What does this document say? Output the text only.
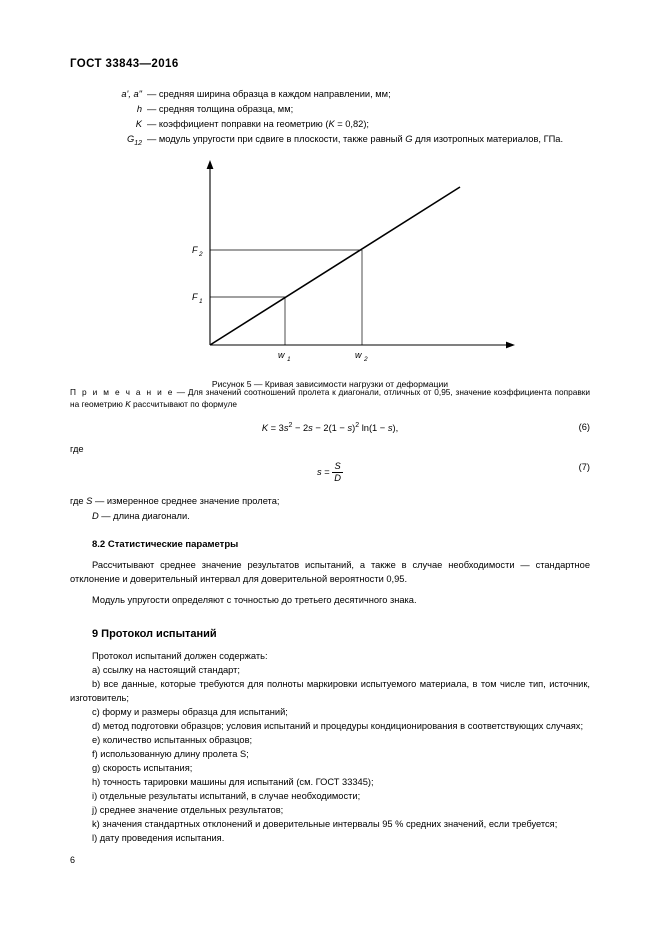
ГОСТ 33843—2016
a', a" — средняя ширина образца в каждом направлении, мм;
h — средняя толщина образца, мм;
K — коэффициент поправки на геометрию (K = 0,82);
$G_{12}$ — модуль упругости при сдвиге в плоскости, также равный G для изотропных материалов, ГПа.
F 2
F 1
w 1	w 2
Рисунок 5 — Кривая зависимости нагрузки от деформации
П р и м е ч а н и е — Для значений соотношений пролета к диагонали, отличных от 0,95, значение коэффициента поправки на геометрию K рассчитывают по формуле
$K = 3s^2 - 2s - 2(1 - s)^2$ ln(1 − s),	(6)
где
$s = \frac{S}{D}$	(7)
где S — измеренное среднее значение пролета;
D — длина диагонали.
8.2 Статистические параметры
Рассчитывают среднее значение результатов испытаний, а также в случае необходимости — стандартное отклонение и доверительный интервал для доверительной вероятности 0,95.
Модуль упругости определяют с точностью до третьего десятичного знака.
9 Протокол испытаний
Протокол испытаний должен содержать:
a) ссылку на настоящий стандарт;
b) все данные, которые требуются для полноты маркировки испытуемого материала, в том числе тип, источник, изготовитель;
c) форму и размеры образца для испытаний;
d) метод подготовки образцов; условия испытаний и процедуры кондиционирования в соответствующих случаях;
e) количество испытанных образцов;
f) использованную длину пролета S;
g) скорость испытания;
h) точность тарировки машины для испытаний (см. ГОСТ 33345);
i) отдельные результаты испытаний, в случае необходимости;
j) среднее значение отдельных результатов;
k) значения стандартных отклонений и доверительные интервалы 95 % средних значений, если требуется;
l) дату проведения испытания.
6
